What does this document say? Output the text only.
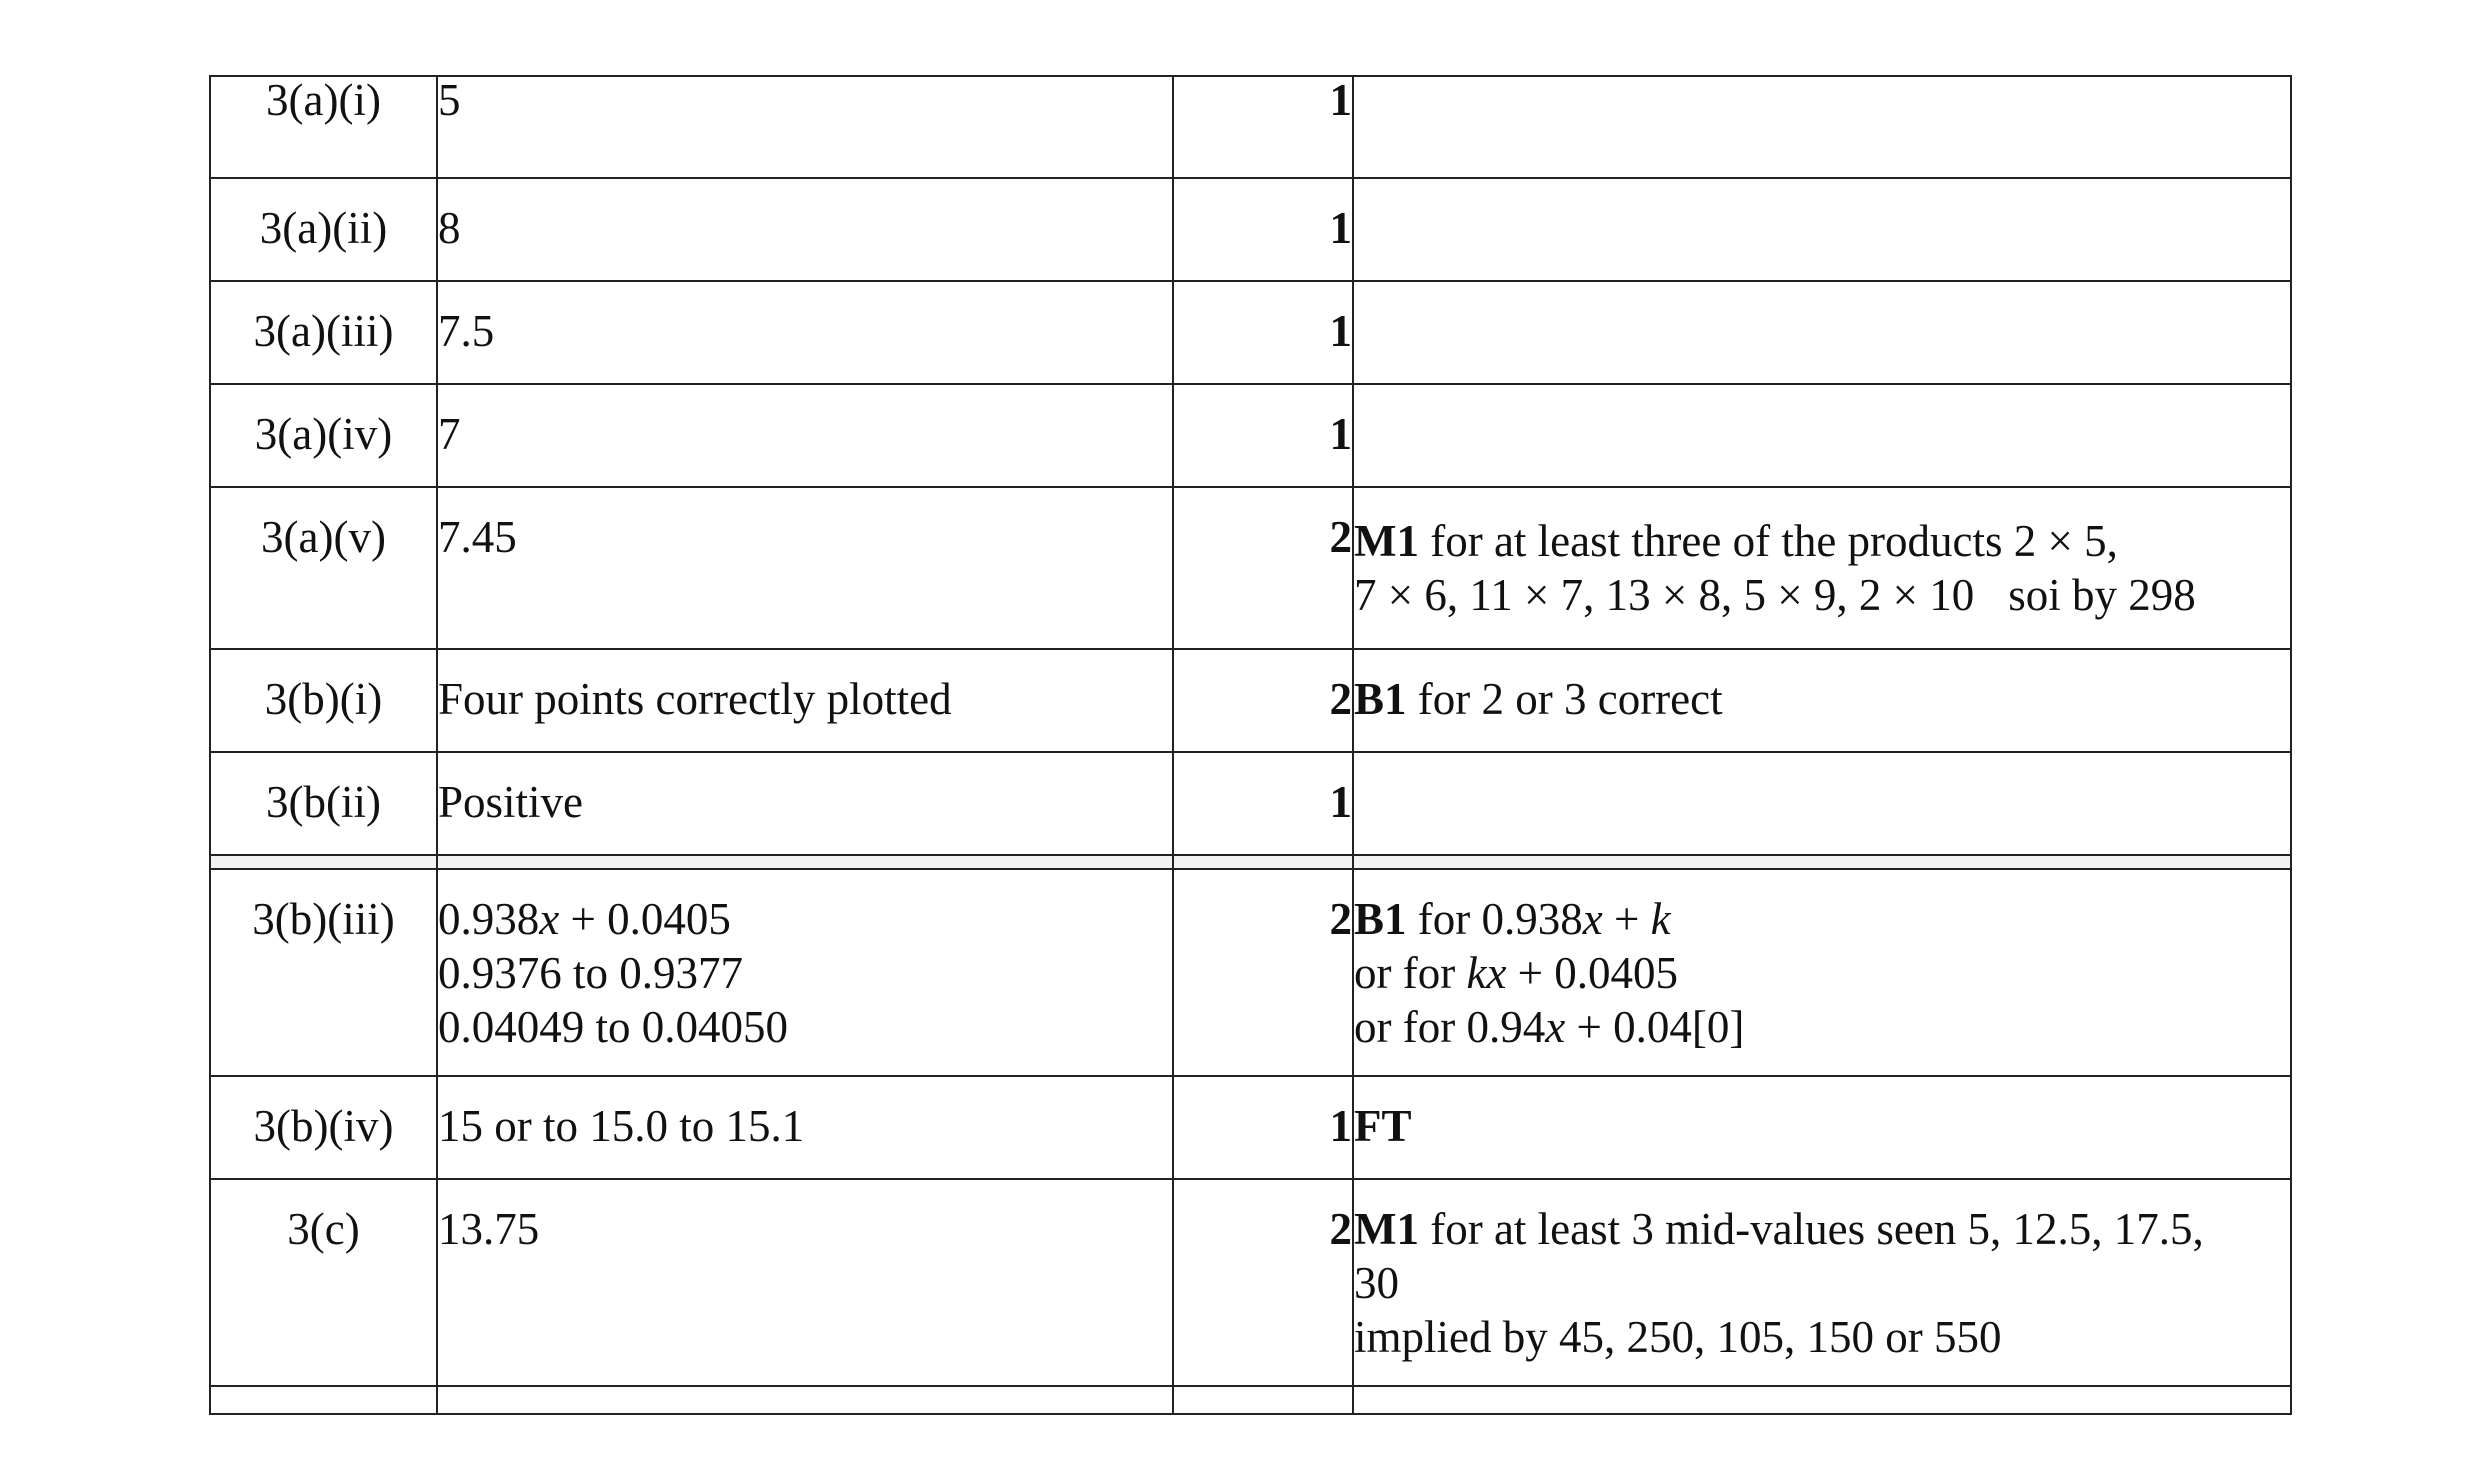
3(a)(i)	5	1	

3(a)(ii)	8	1	

3(a)(iii)	7.5	1	

3(a)(iv)	7	1	

3(a)(v)	7.45	2	M1 for at least three of the products 2 × 5,
7 × 6, 11 × 7, 13 × 8, 5 × 9, 2 × 10 soi by 298

3(b)(i)	Four points correctly plotted	2	B1 for 2 or 3 correct

3(b(ii)	Positive	1	

3(b)(iii)	0.938x + 0.0405
0.9376 to 0.9377
0.04049 to 0.04050	2	B1 for 0.938x + k
or for kx + 0.0405
or for 0.94x + 0.04[0]

3(b)(iv)	15 or to 15.0 to 15.1	1	FT

3(c)	13.75	2	M1 for at least 3 mid-values seen 5, 12.5, 17.5,
30
implied by 45, 250, 105, 150 or 550
